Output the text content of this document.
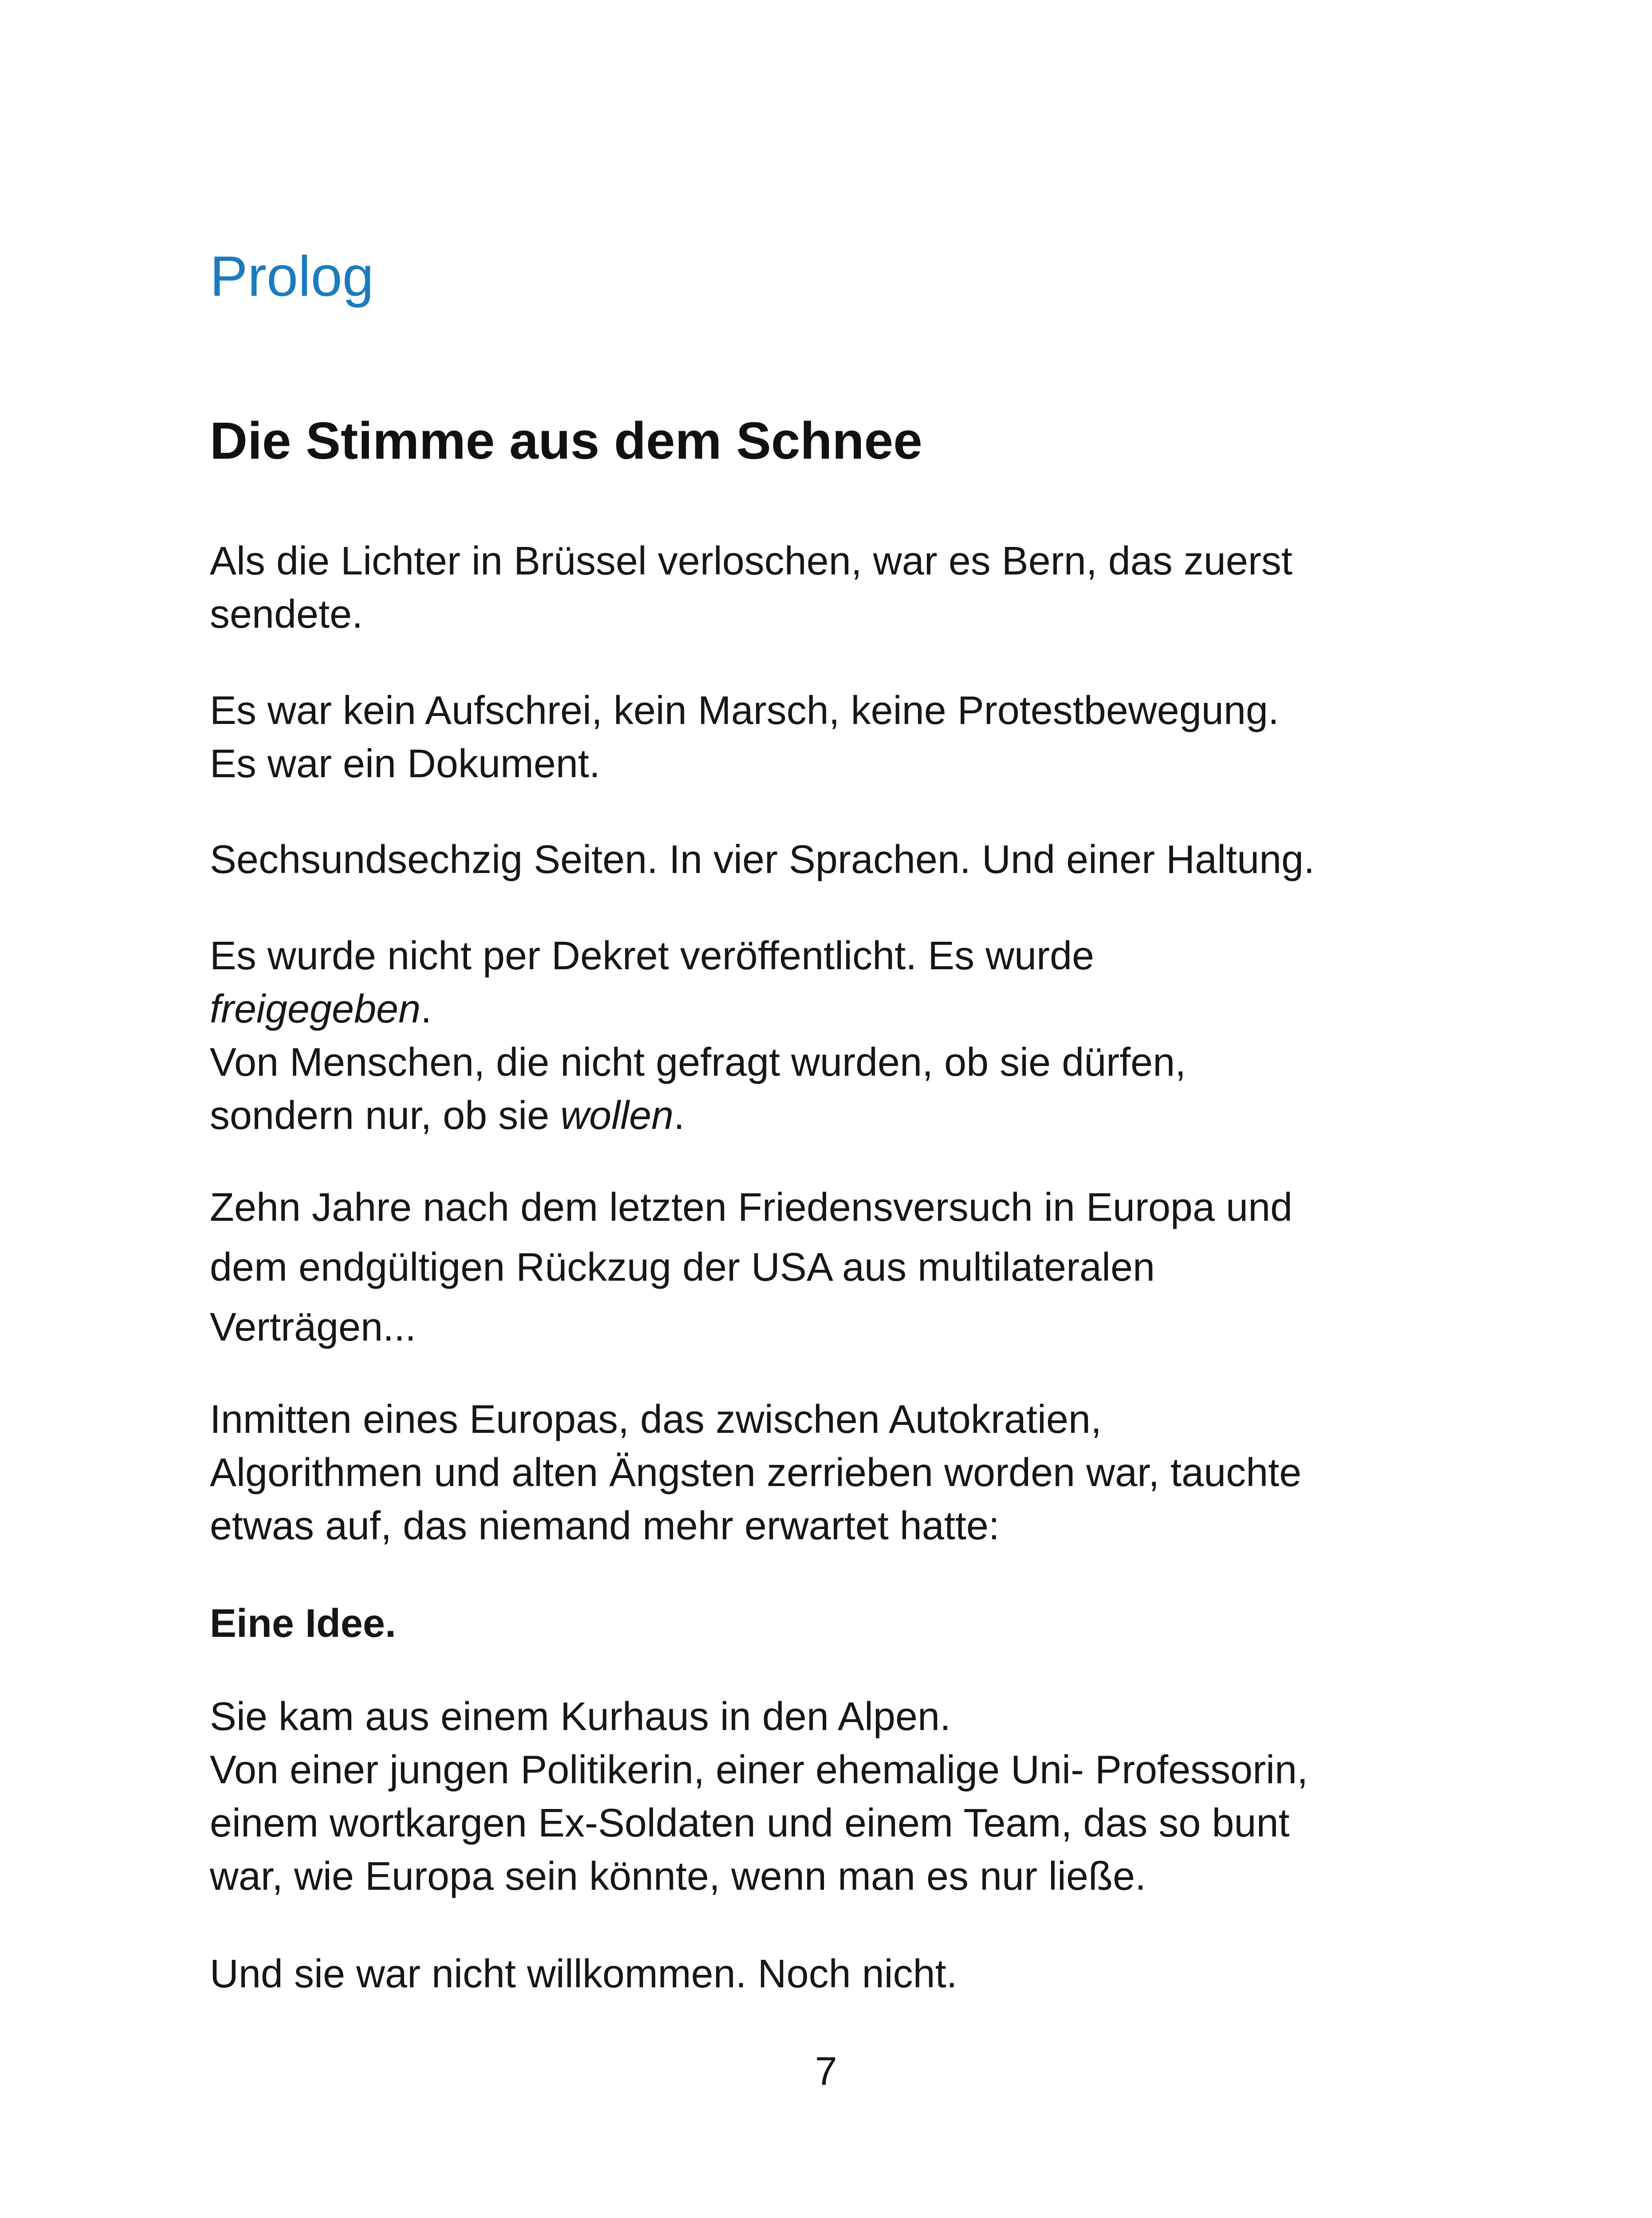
Prolog
Die Stimme aus dem Schnee

Als die Lichter in Brüssel verloschen, war es Bern, das zuerst
sendete.

Es war kein Aufschrei, kein Marsch, keine Protestbewegung.
Es war ein Dokument.

Sechsundsechzig Seiten. In vier Sprachen. Und einer Haltung.

Es wurde nicht per Dekret veröffentlicht. Es wurde
freigegeben.
Von Menschen, die nicht gefragt wurden, ob sie dürfen,
sondern nur, ob sie wollen.

Zehn Jahre nach dem letzten Friedensversuch in Europa und
dem endgültigen Rückzug der USA aus multilateralen
Verträgen...

Inmitten eines Europas, das zwischen Autokratien,
Algorithmen und alten Ängsten zerrieben worden war, tauchte
etwas auf, das niemand mehr erwartet hatte:

Eine Idee.

Sie kam aus einem Kurhaus in den Alpen.
Von einer jungen Politikerin, einer ehemalige Uni- Professorin,
einem wortkargen Ex-Soldaten und einem Team, das so bunt
war, wie Europa sein könnte, wenn man es nur ließe.

Und sie war nicht willkommen. Noch nicht.

7
